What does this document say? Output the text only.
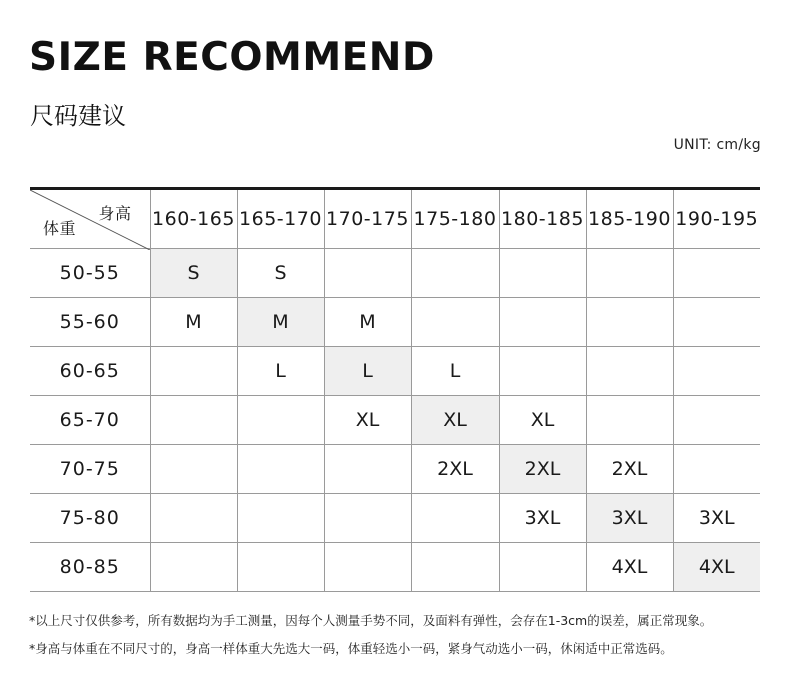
SIZE RECOMMEND
尺码建议
UNIT: cm/kg
身高
体重	160-165	165-170	170-175	175-180	180-185	185-190	190-195
50-55	S	S					
55-60	M	M	M				
60-65		L	L	L			
65-70			XL	XL	XL		
70-75				2XL	2XL	2XL	
75-80					3XL	3XL	3XL
80-85						4XL	4XL
*以上尺寸仅供参考，所有数据均为手工测量，因每个人测量手势不同，及面料有弹性，会存在1-3cm的误差，属正常现象。
*身高与体重在不同尺寸的，身高一样体重大先选大一码，体重轻选小一码，紧身气动选小一码，休闲适中正常选码。
